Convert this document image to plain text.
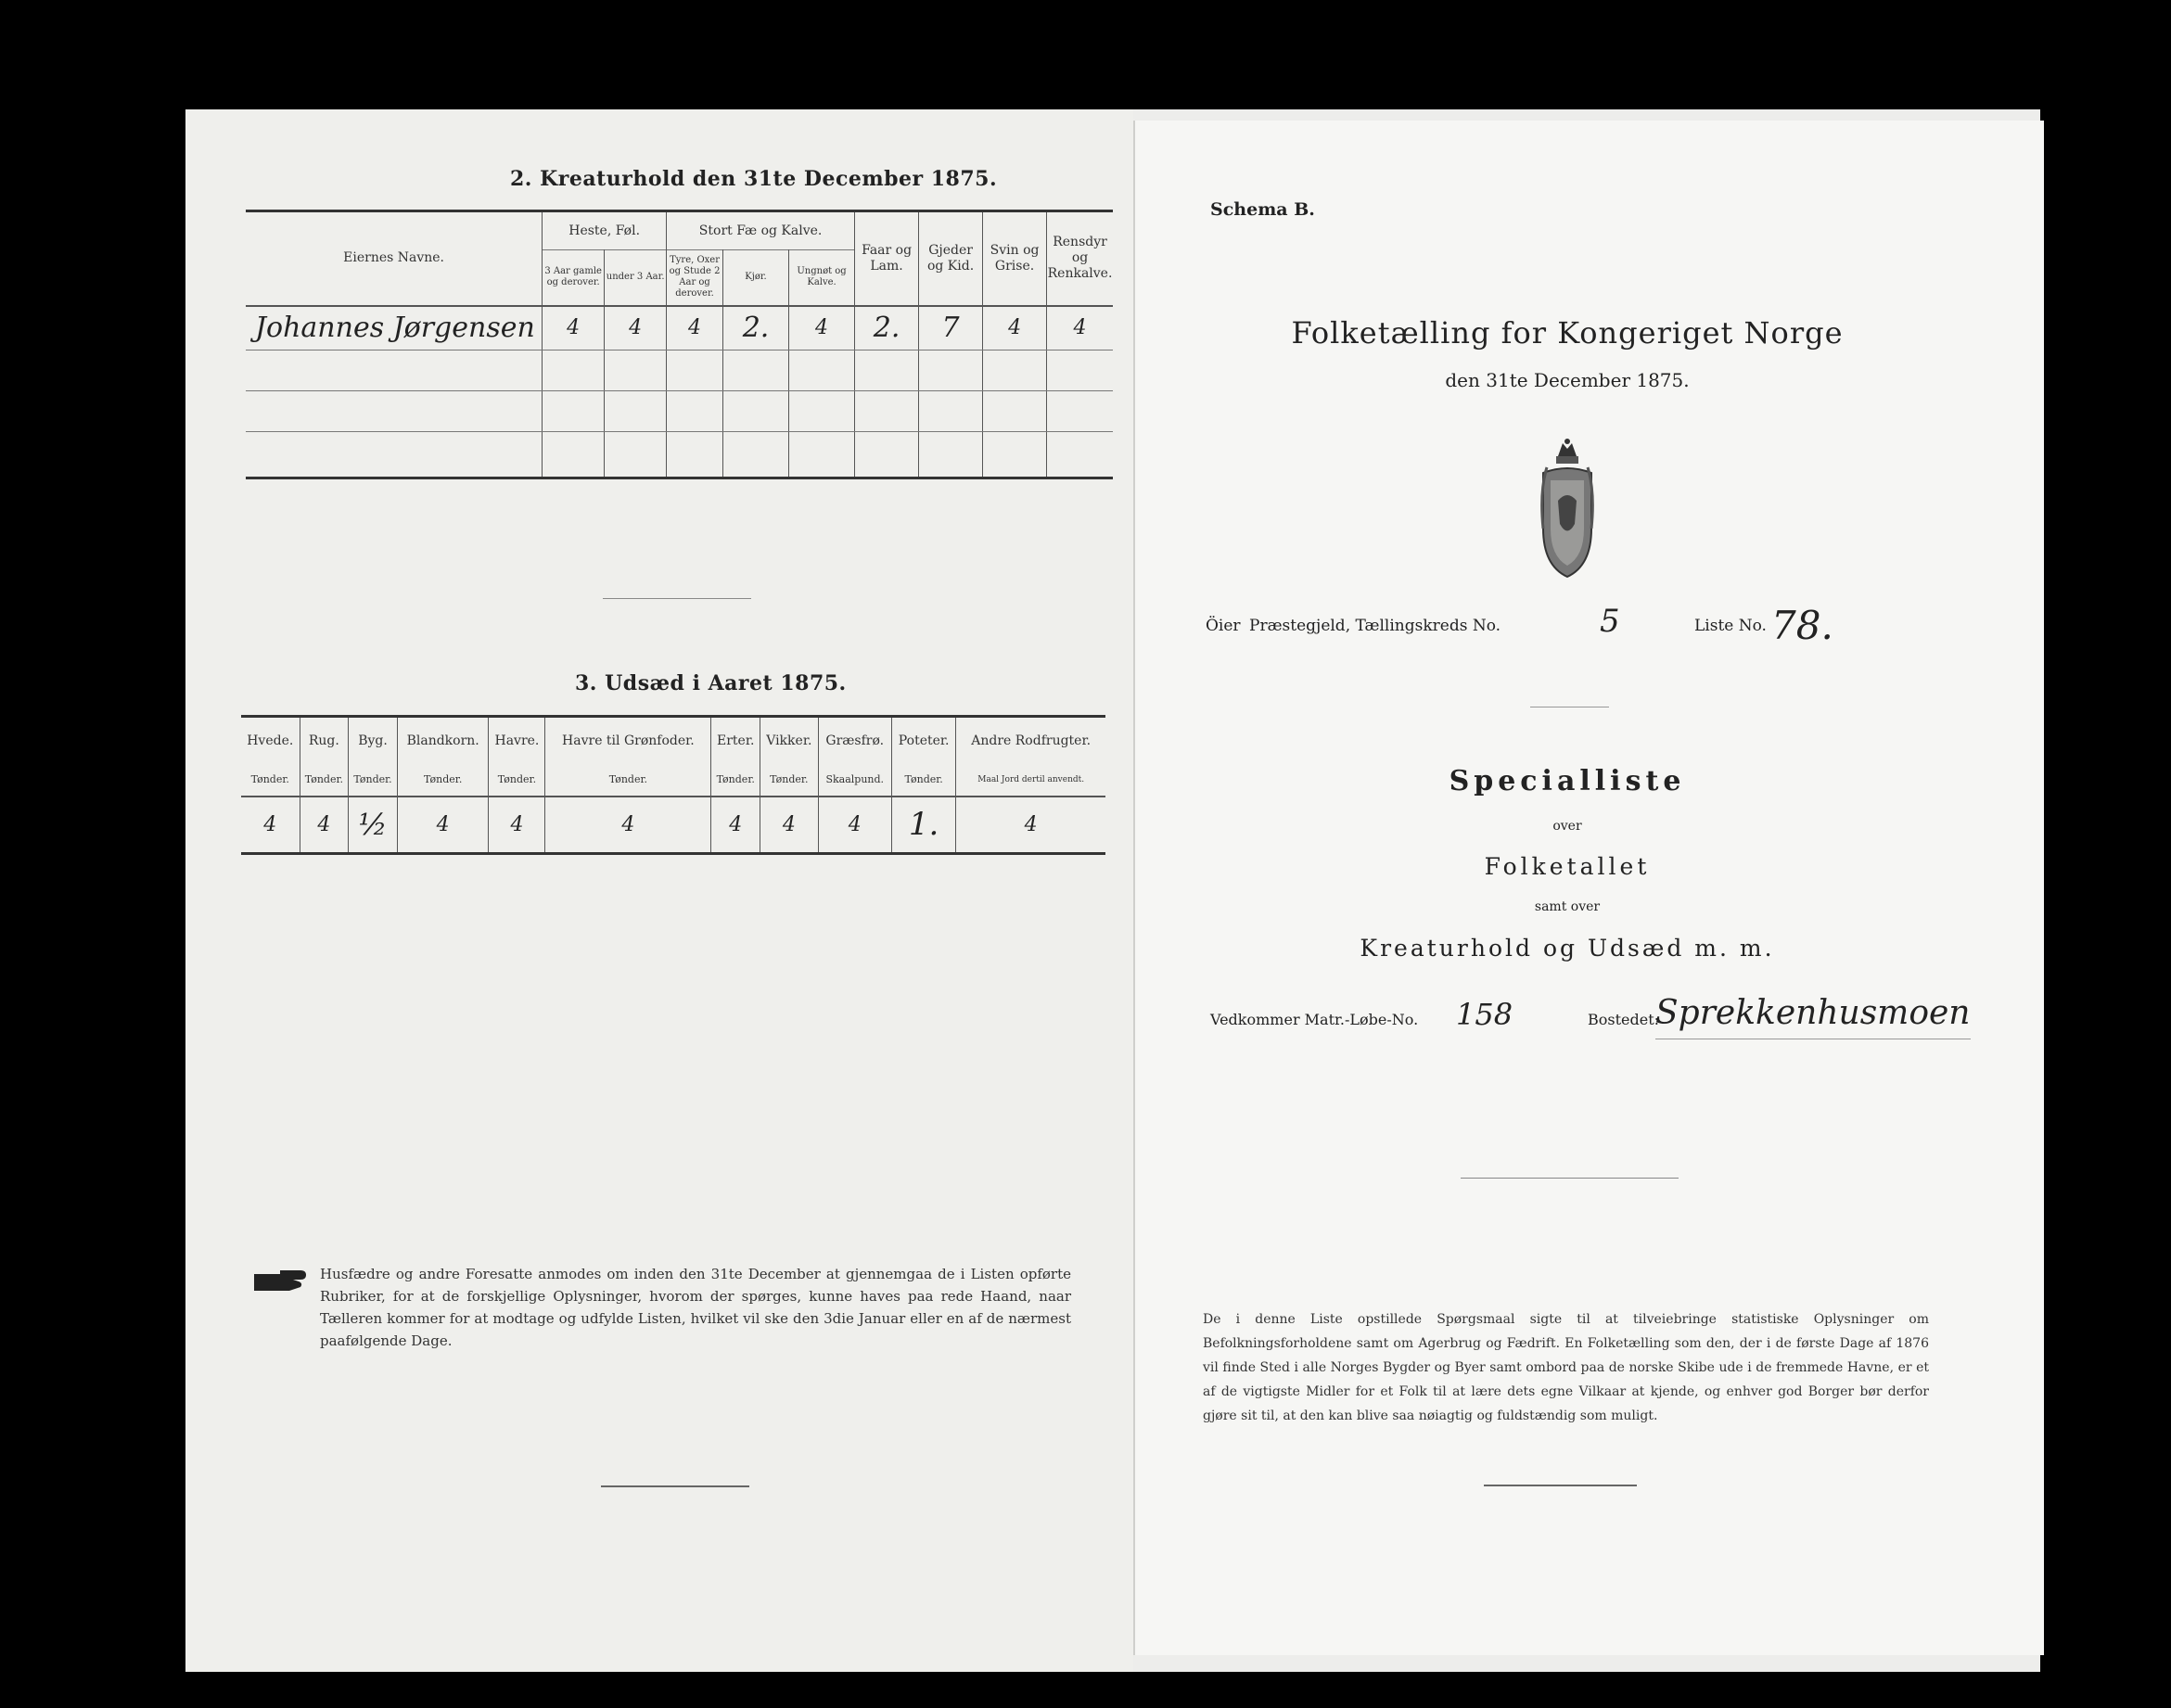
2. Kreaturhold den 31te December 1875.
Eiernes Navne.	Heste, Føl.		Stort Fæ og Kalve.			Faar og Lam.	Gjeder og Kid.	Svin og Grise.	Rensdyr og Renkalve.
	3 Aar gamle og derover.	under 3 Aar.	Tyre, Oxer og Stude 2 Aar og derover.	Kjør.	Ungnøt og Kalve.				
Johannes Jørgensen	4	4	4	2.	4	2.	7	4	4

3. Udsæd i Aaret 1875.
Hvede.	Rug.	Byg.	Blandkorn.	Havre.	Havre til Grønfoder.	Erter.	Vikker.	Græsfrø.	Poteter.	Andre Rodfrugter.
Tønder.	Tønder.	Tønder.	Tønder.	Tønder.	Tønder.	Tønder.	Tønder.	Skaalpund.	Tønder.	Maal Jord dertil anvendt.
4	4	½	4	4	4	4	4	4	1.	4
Husfædre og andre Foresatte anmodes om inden den 31te December at gjennemgaa de i Listen opførte Rubriker, for at de forskjellige Oplysninger, hvorom der spørges, kunne haves paa rede Haand, naar Tælleren kommer for at modtage og udfylde Listen, hvilket vil ske den 3die Januar eller en af de nærmest paafølgende Dage.
Schema B.
Folketælling for Kongeriget Norge
den 31te December 1875.
Öier Præstegjeld, Tællingskreds No.	5	Liste No. 78.
Specialliste
over
Folketallet
samt over
Kreaturhold og Udsæd m. m.
Vedkommer Matr.-Løbe-No. 158	Bostedet:
Sprekkenhusmoen
De i denne Liste opstillede Spørgsmaal sigte til at tilveiebringe statistiske Oplysninger om Befolkningsforholdene samt om Agerbrug og Fædrift. En Folketælling som den, der i de første Dage af 1876 vil finde Sted i alle Norges Bygder og Byer samt ombord paa de norske Skibe ude i de fremmede Havne, er et af de vigtigste Midler for et Folk til at lære dets egne Vilkaar at kjende, og enhver god Borger bør derfor gjøre sit til, at den kan blive saa nøiagtig og fuldstændig som muligt.
